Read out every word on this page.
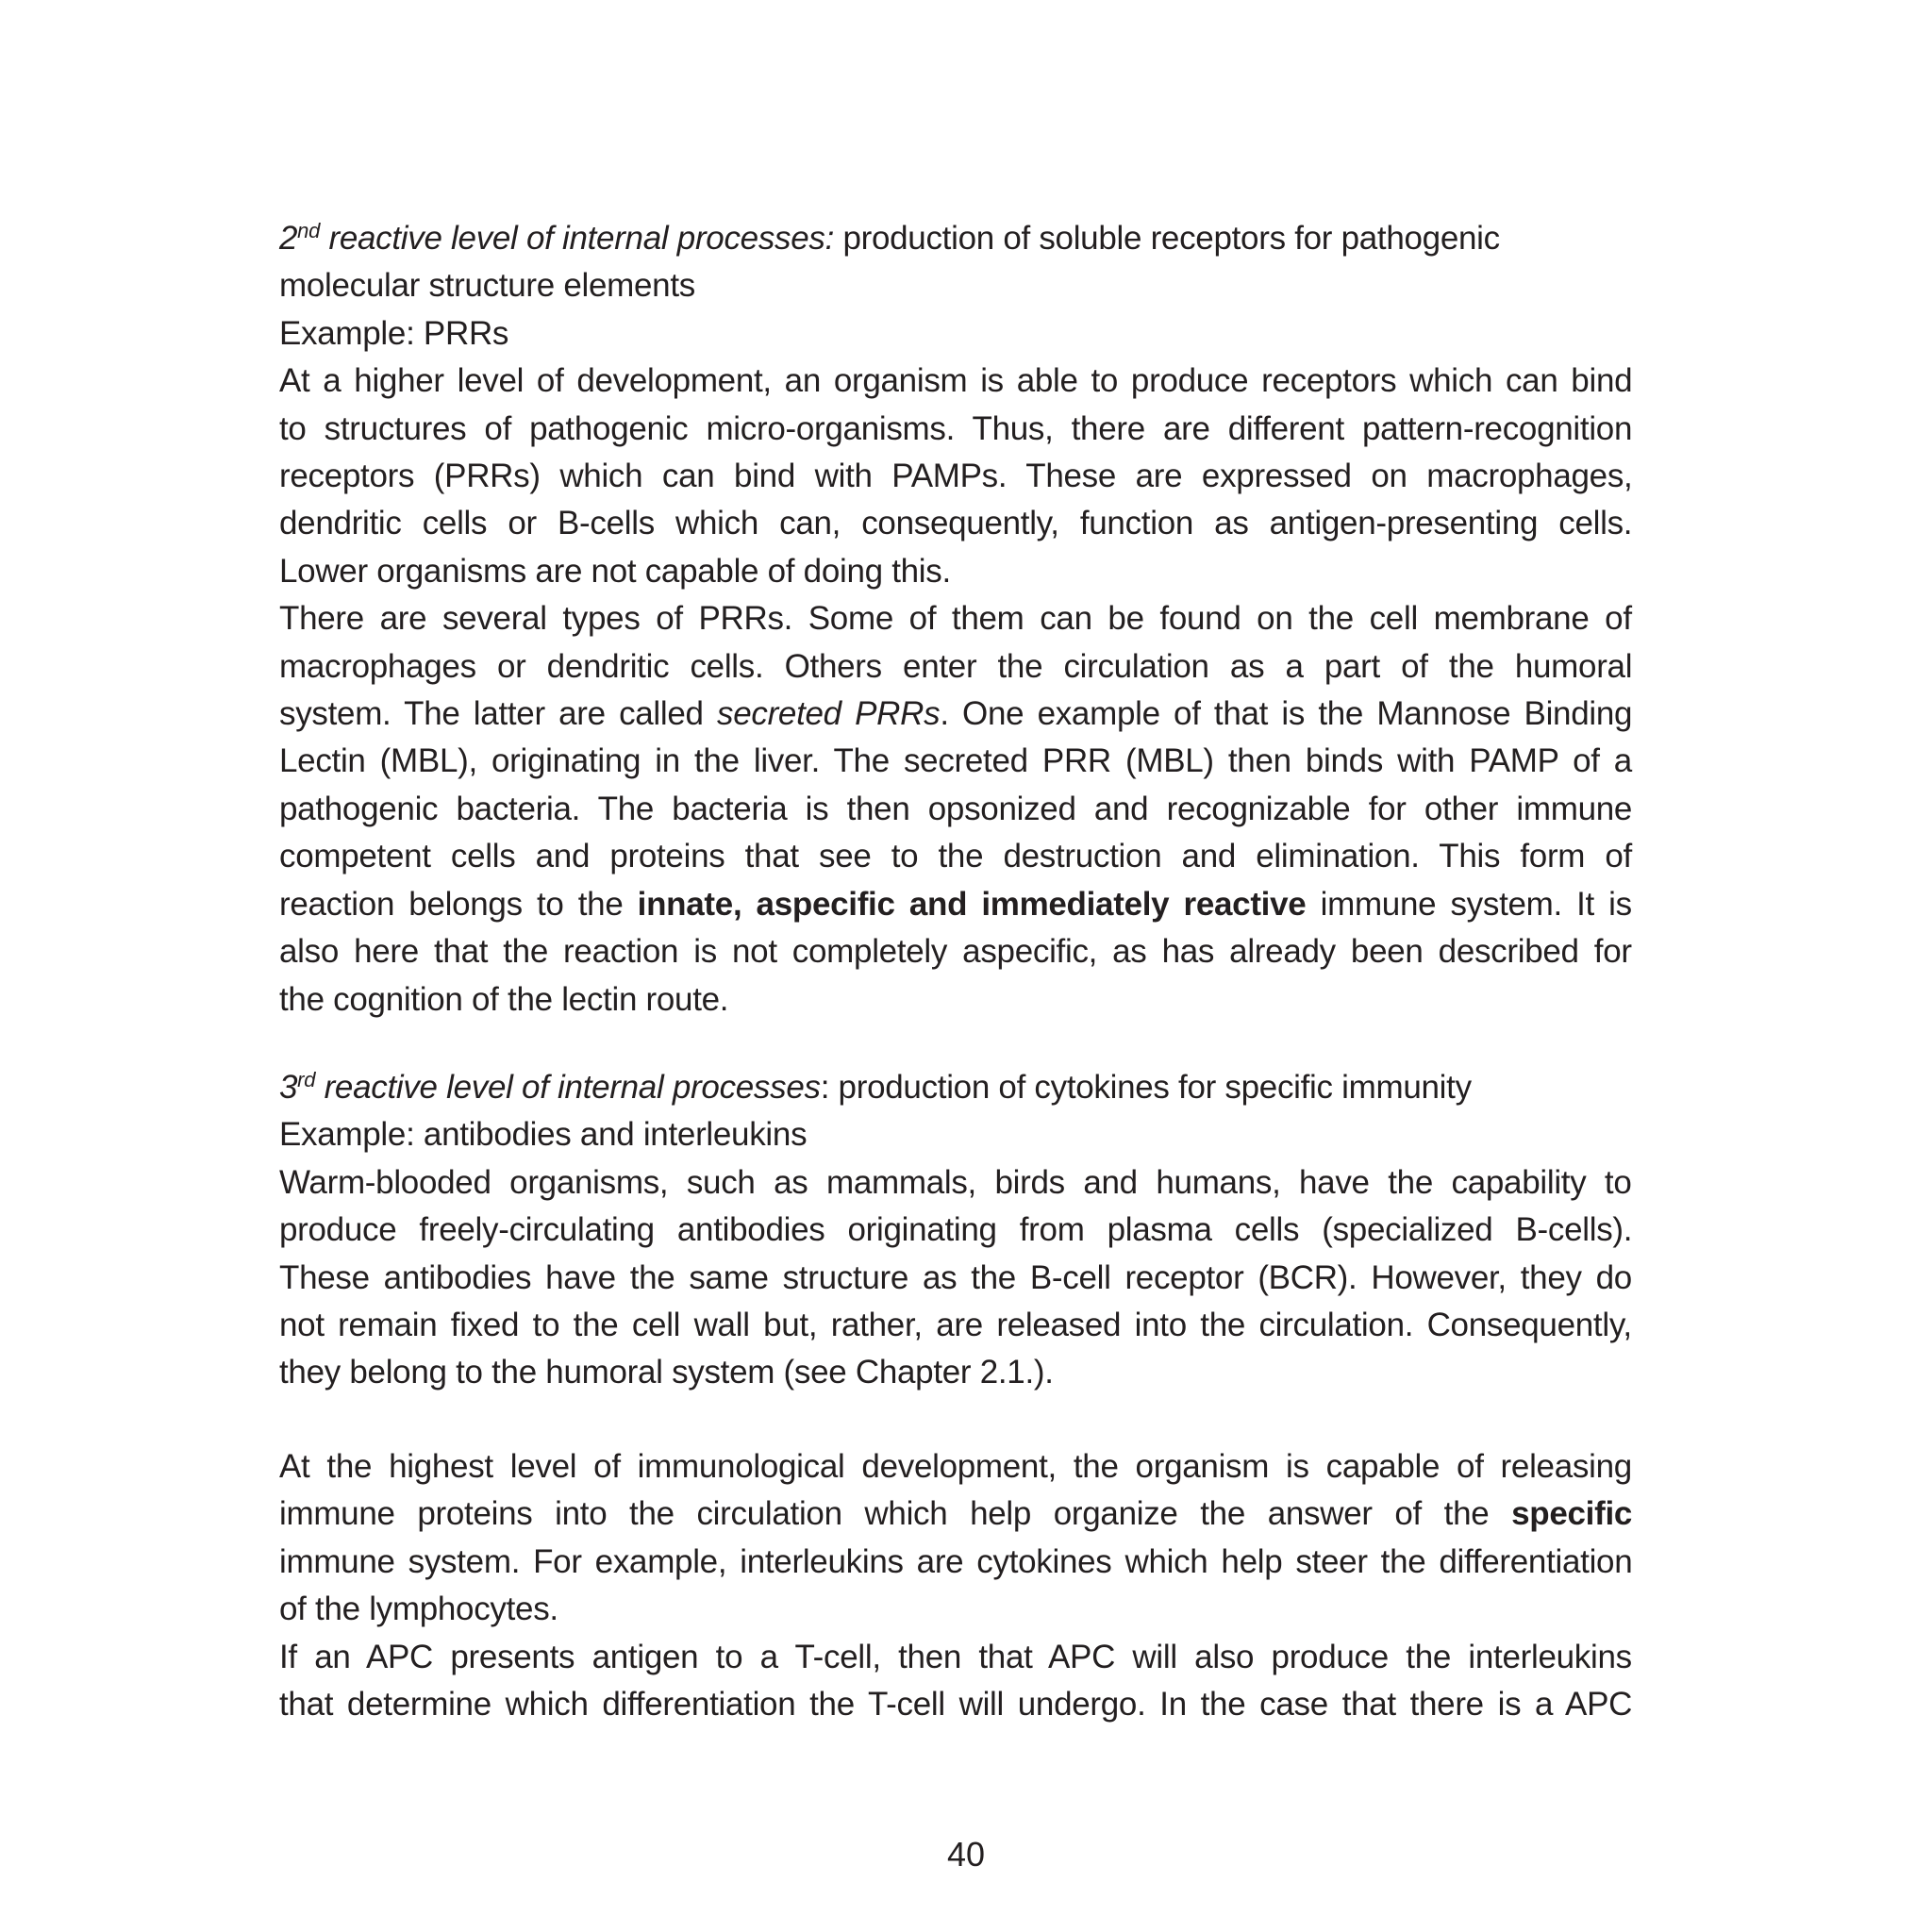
2nd reactive level of internal processes: production of soluble receptors for pathogenic
molecular structure elements
Example: PRRs
At a higher level of development, an organism is able to produce receptors which can bind
to structures of pathogenic micro-organisms. Thus, there are different pattern-recognition
receptors (PRRs) which can bind with PAMPs. These are expressed on macrophages,
dendritic cells or B-cells which can, consequently, function as antigen-presenting cells.
Lower organisms are not capable of doing this.
There are several types of PRRs. Some of them can be found on the cell membrane of
macrophages or dendritic cells. Others enter the circulation as a part of the humoral
system. The latter are called secreted PRRs. One example of that is the Mannose Binding
Lectin (MBL), originating in the liver. The secreted PRR (MBL) then binds with PAMP of a
pathogenic bacteria. The bacteria is then opsonized and recognizable for other immune
competent cells and proteins that see to the destruction and elimination. This form of
reaction belongs to the innate, aspecific and immediately reactive immune system. It is
also here that the reaction is not completely aspecific, as has already been described for
the cognition of the lectin route.
3rd reactive level of internal processes: production of cytokines for specific immunity
Example: antibodies and interleukins
Warm-blooded organisms, such as mammals, birds and humans, have the capability to
produce freely-circulating antibodies originating from plasma cells (specialized B-cells).
These antibodies have the same structure as the B-cell receptor (BCR). However, they do
not remain fixed to the cell wall but, rather, are released into the circulation. Consequently,
they belong to the humoral system (see Chapter 2.1.).
At the highest level of immunological development, the organism is capable of releasing
immune proteins into the circulation which help organize the answer of the specific
immune system. For example, interleukins are cytokines which help steer the differentiation
of the lymphocytes.
If an APC presents antigen to a T-cell, then that APC will also produce the interleukins
that determine which differentiation the T-cell will undergo. In the case that there is a APC
40
